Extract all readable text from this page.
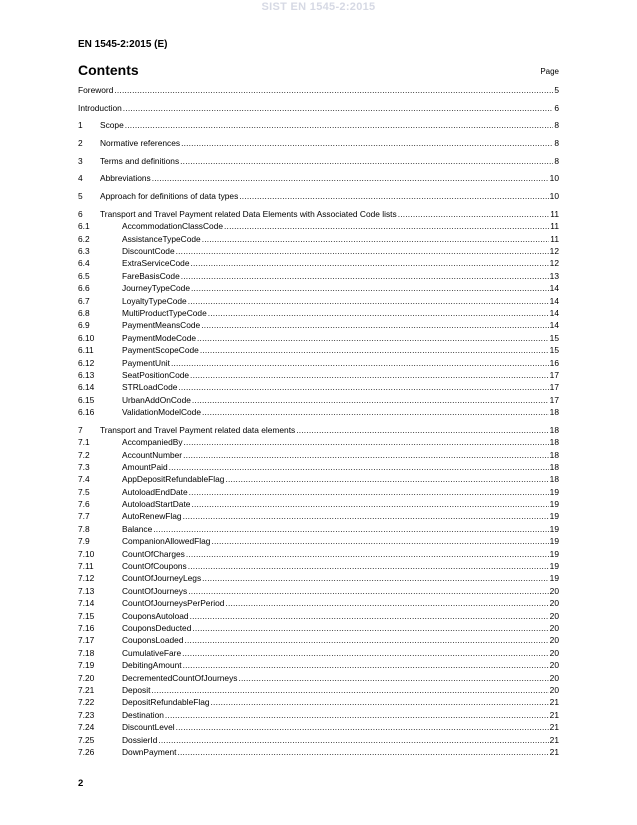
SIST EN 1545-2:2015
EN 1545-2:2015 (E)
Contents	Page
Foreword .....	5
Introduction .....	6
1	Scope .....	8
2	Normative references .....	8
3	Terms and definitions .....	8
4	Abbreviations .....	10
5	Approach for definitions of data types .....	10
6	Transport and Travel Payment related Data Elements with Associated Code lists .....	11
6.1	AccommodationClassCode .....	11
6.2	AssistanceTypeCode .....	11
6.3	DiscountCode .....	12
6.4	ExtraServiceCode .....	12
6.5	FareBasisCode .....	13
6.6	JourneyTypeCode .....	14
6.7	LoyaltyTypeCode .....	14
6.8	MultiProductTypeCode .....	14
6.9	PaymentMeansCode .....	14
6.10	PaymentModeCode .....	15
6.11	PaymentScopeCode .....	15
6.12	PaymentUnit .....	16
6.13	SeatPositionCode .....	17
6.14	STRLoadCode .....	17
6.15	UrbanAddOnCode .....	17
6.16	ValidationModelCode .....	18
7	Transport and Travel Payment related data elements .....	18
7.1	AccompaniedBy .....	18
7.2	AccountNumber .....	18
7.3	AmountPaid .....	18
7.4	AppDepositRefundableFlag .....	18
7.5	AutoloadEndDate .....	19
7.6	AutoloadStartDate .....	19
7.7	AutoRenewFlag .....	19
7.8	Balance .....	19
7.9	CompanionAllowedFlag .....	19
7.10	CountOfCharges .....	19
7.11	CountOfCoupons .....	19
7.12	CountOfJourneyLegs .....	19
7.13	CountOfJourneys .....	20
7.14	CountOfJourneysPerPeriod .....	20
7.15	CouponsAutoload .....	20
7.16	CouponsDeducted .....	20
7.17	CouponsLoaded .....	20
7.18	CumulativeFare .....	20
7.19	DebitingAmount .....	20
7.20	DecrementedCountOfJourneys .....	20
7.21	Deposit .....	20
7.22	DepositRefundableFlag .....	21
7.23	Destination .....	21
7.24	DiscountLevel .....	21
7.25	DossierId .....	21
7.26	DownPayment .....	21
2
